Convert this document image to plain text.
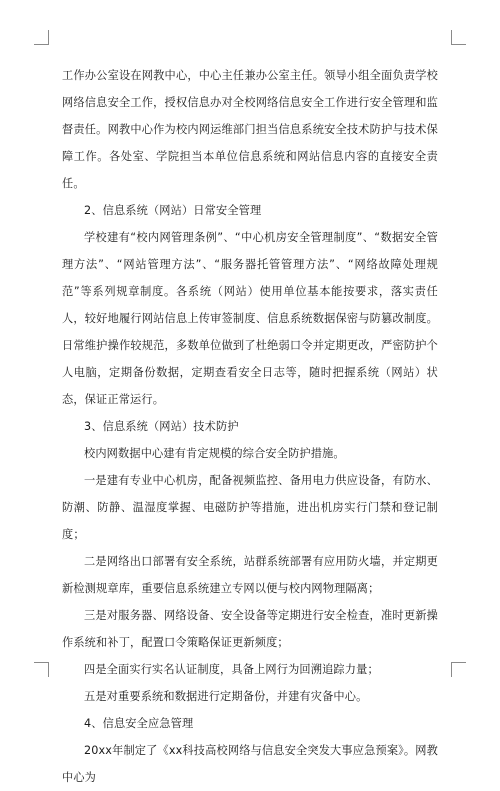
工作办公室设在网教中心，中心主任兼办公室主任。领导小组全面负责学校网络信息安全工作，授权信息办对全校网络信息安全工作进行安全管理和监督责任。网教中心作为校内网运维部门担当信息系统安全技术防护与技术保障工作。各处室、学院担当本单位信息系统和网站信息内容的直接安全责任。

2、信息系统（网站）日常安全管理

学校建有“校内网管理条例”、“中心机房安全管理制度”、“数据安全管理方法”、“网站管理方法”、“服务器托管管理方法”、“网络故障处理规范”等系列规章制度。各系统（网站）使用单位基本能按要求，落实责任人，较好地履行网站信息上传审签制度、信息系统数据保密与防篡改制度。日常维护操作较规范，多数单位做到了杜绝弱口令并定期更改，严密防护个人电脑，定期备份数据，定期查看安全日志等，随时把握系统（网站）状态，保证正常运行。

3、信息系统（网站）技术防护

校内网数据中心建有肯定规模的综合安全防护措施。

一是建有专业中心机房，配备视频监控、备用电力供应设备，有防水、防潮、防静、温湿度掌握、电磁防护等措施，进出机房实行门禁和登记制度；

二是网络出口部署有安全系统，站群系统部署有应用防火墙，并定期更新检测规章库，重要信息系统建立专网以便与校内网物理隔离；

三是对服务器、网络设备、安全设备等定期进行安全检查，准时更新操作系统和补丁，配置口令策略保证更新频度；

四是全面实行实名认证制度，具备上网行为回溯追踪力量；

五是对重要系统和数据进行定期备份，并建有灾备中心。

4、信息安全应急管理

20xx年制定了《xx科技高校网络与信息安全突发大事应急预案》。网教中心为
